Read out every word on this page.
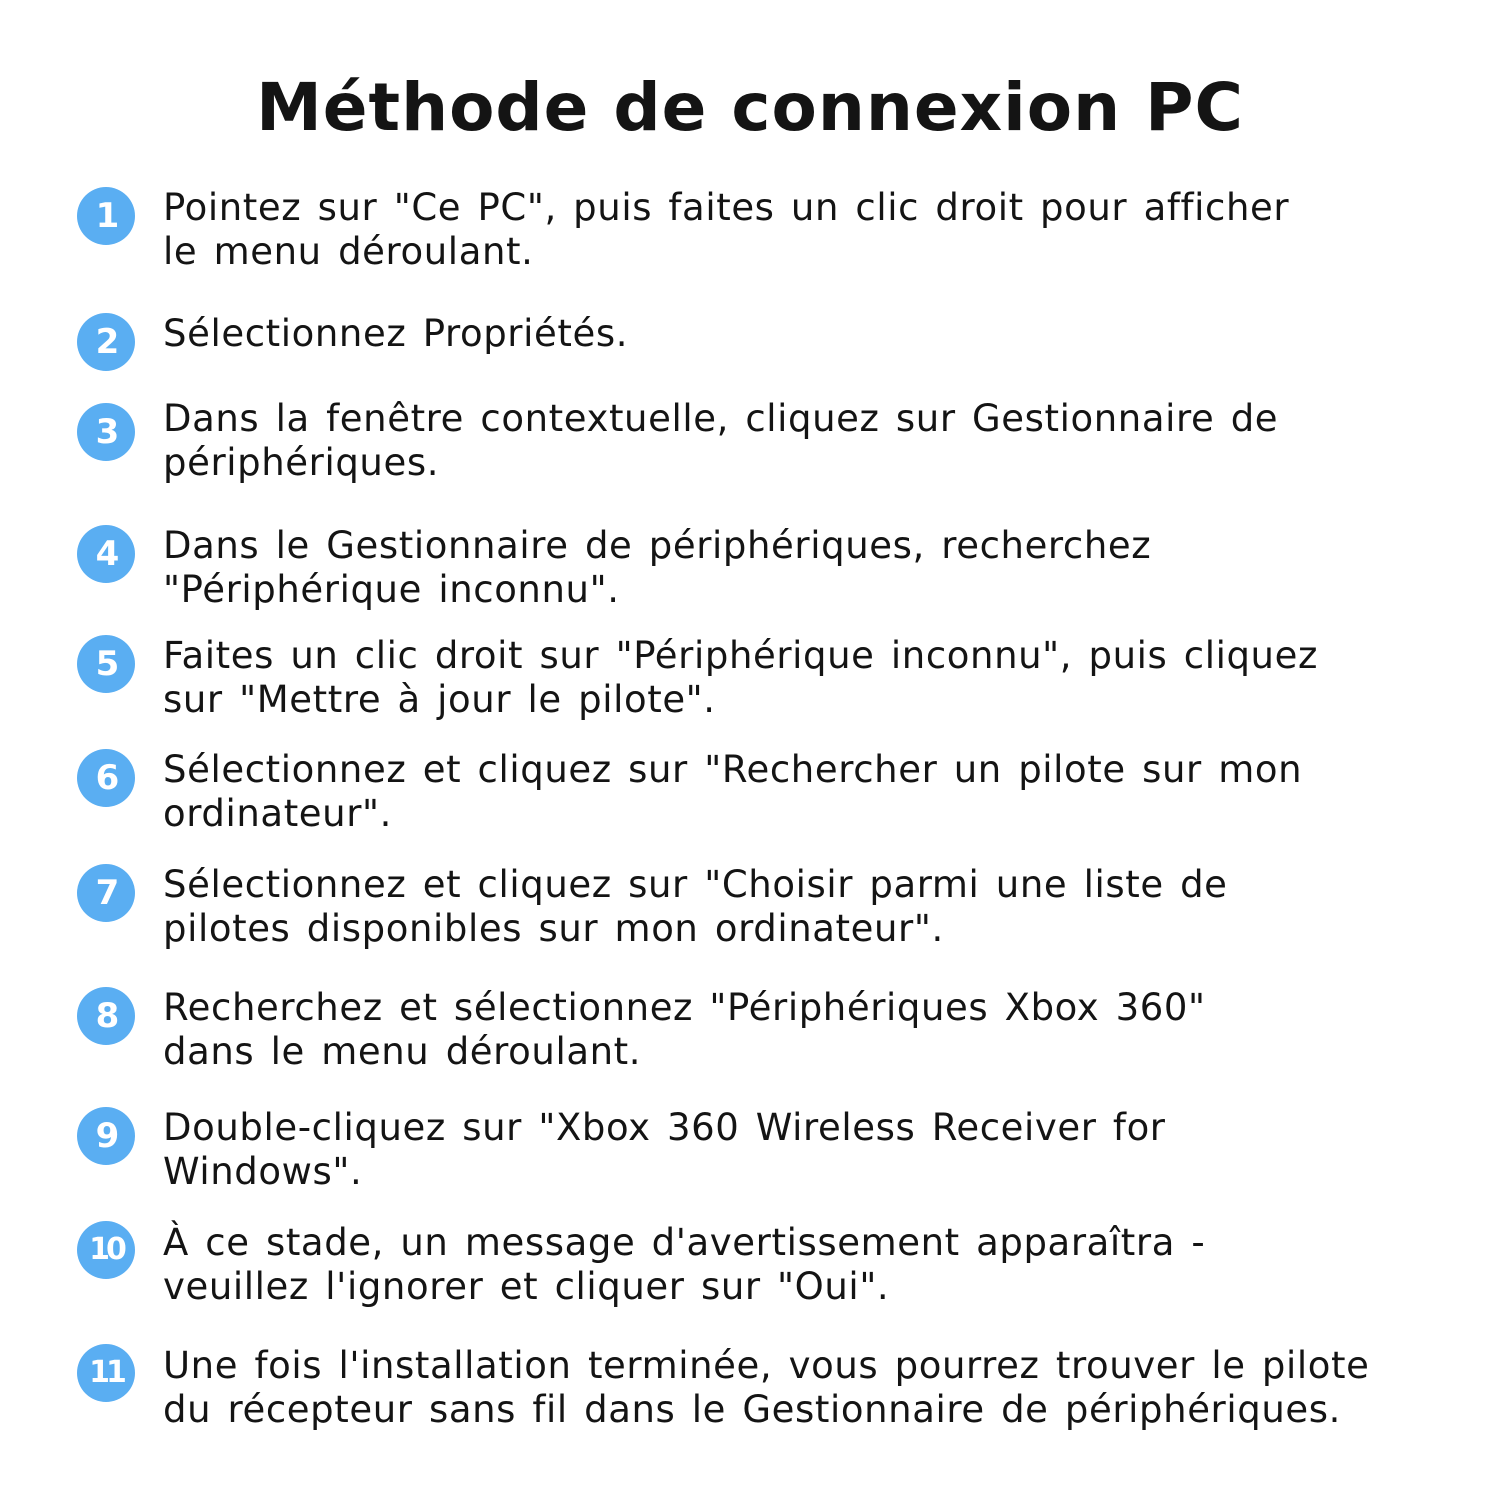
Méthode de connexion PC
1	Pointez sur "Ce PC", puis faites un clic droit pour afficher
le menu déroulant.
2	Sélectionnez Propriétés.
3	Dans la fenêtre contextuelle, cliquez sur Gestionnaire de
périphériques.
4	Dans le Gestionnaire de périphériques, recherchez
"Périphérique inconnu".
5	Faites un clic droit sur "Périphérique inconnu", puis cliquez
sur "Mettre à jour le pilote".
6	Sélectionnez et cliquez sur "Rechercher un pilote sur mon
ordinateur".
7	Sélectionnez et cliquez sur "Choisir parmi une liste de
pilotes disponibles sur mon ordinateur".
8	Recherchez et sélectionnez "Périphériques Xbox 360"
dans le menu déroulant.
9	Double-cliquez sur "Xbox 360 Wireless Receiver for
Windows".
10	À ce stade, un message d'avertissement apparaîtra -
veuillez l'ignorer et cliquer sur "Oui".
11	Une fois l'installation terminée, vous pourrez trouver le pilote
du récepteur sans fil dans le Gestionnaire de périphériques.
